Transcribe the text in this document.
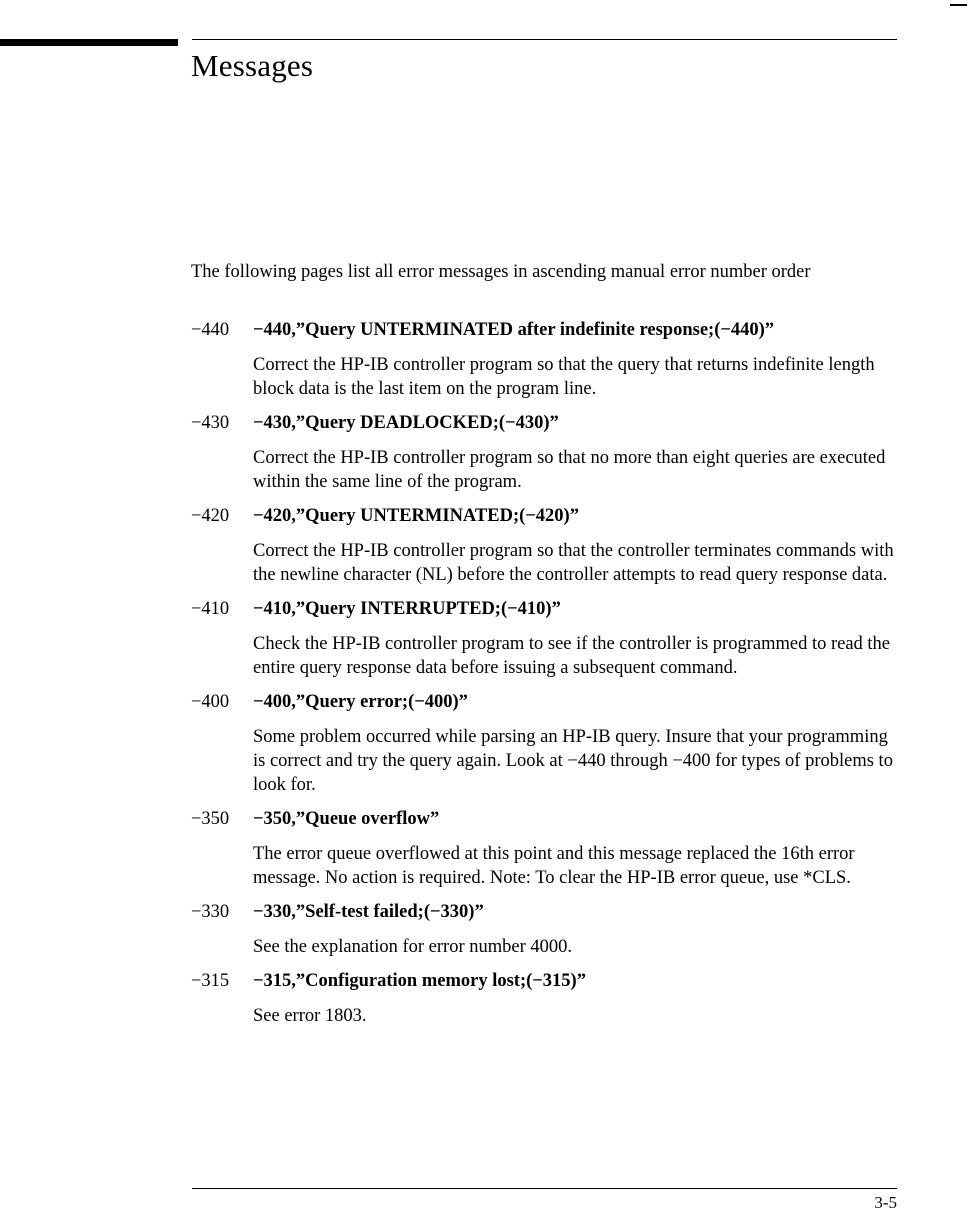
Messages

The following pages list all error messages in ascending manual error number order

−440	−440,”Query UNTERMINATED after indefinite response;(−440)”

Correct the HP-IB controller program so that the query that returns indefinite length block data is the last item on the program line.

−430	−430,”Query DEADLOCKED;(−430)”

Correct the HP-IB controller program so that no more than eight queries are executed within the same line of the program.

−420	−420,”Query UNTERMINATED;(−420)”

Correct the HP-IB controller program so that the controller terminates commands with the newline character (NL) before the controller attempts to read query response data.

−410	−410,”Query INTERRUPTED;(−410)”

Check the HP-IB controller program to see if the controller is programmed to read the entire query response data before issuing a subsequent command.

−400	−400,”Query error;(−400)”

Some problem occurred while parsing an HP-IB query. Insure that your programming is correct and try the query again. Look at −440 through −400 for types of problems to look for.

−350	−350,”Queue overflow”

The error queue overflowed at this point and this message replaced the 16th error message. No action is required. Note: To clear the HP-IB error queue, use *CLS.

−330	−330,”Self-test failed;(−330)”

See the explanation for error number 4000.

−315	−315,”Configuration memory lost;(−315)”

See error 1803.

3-5
